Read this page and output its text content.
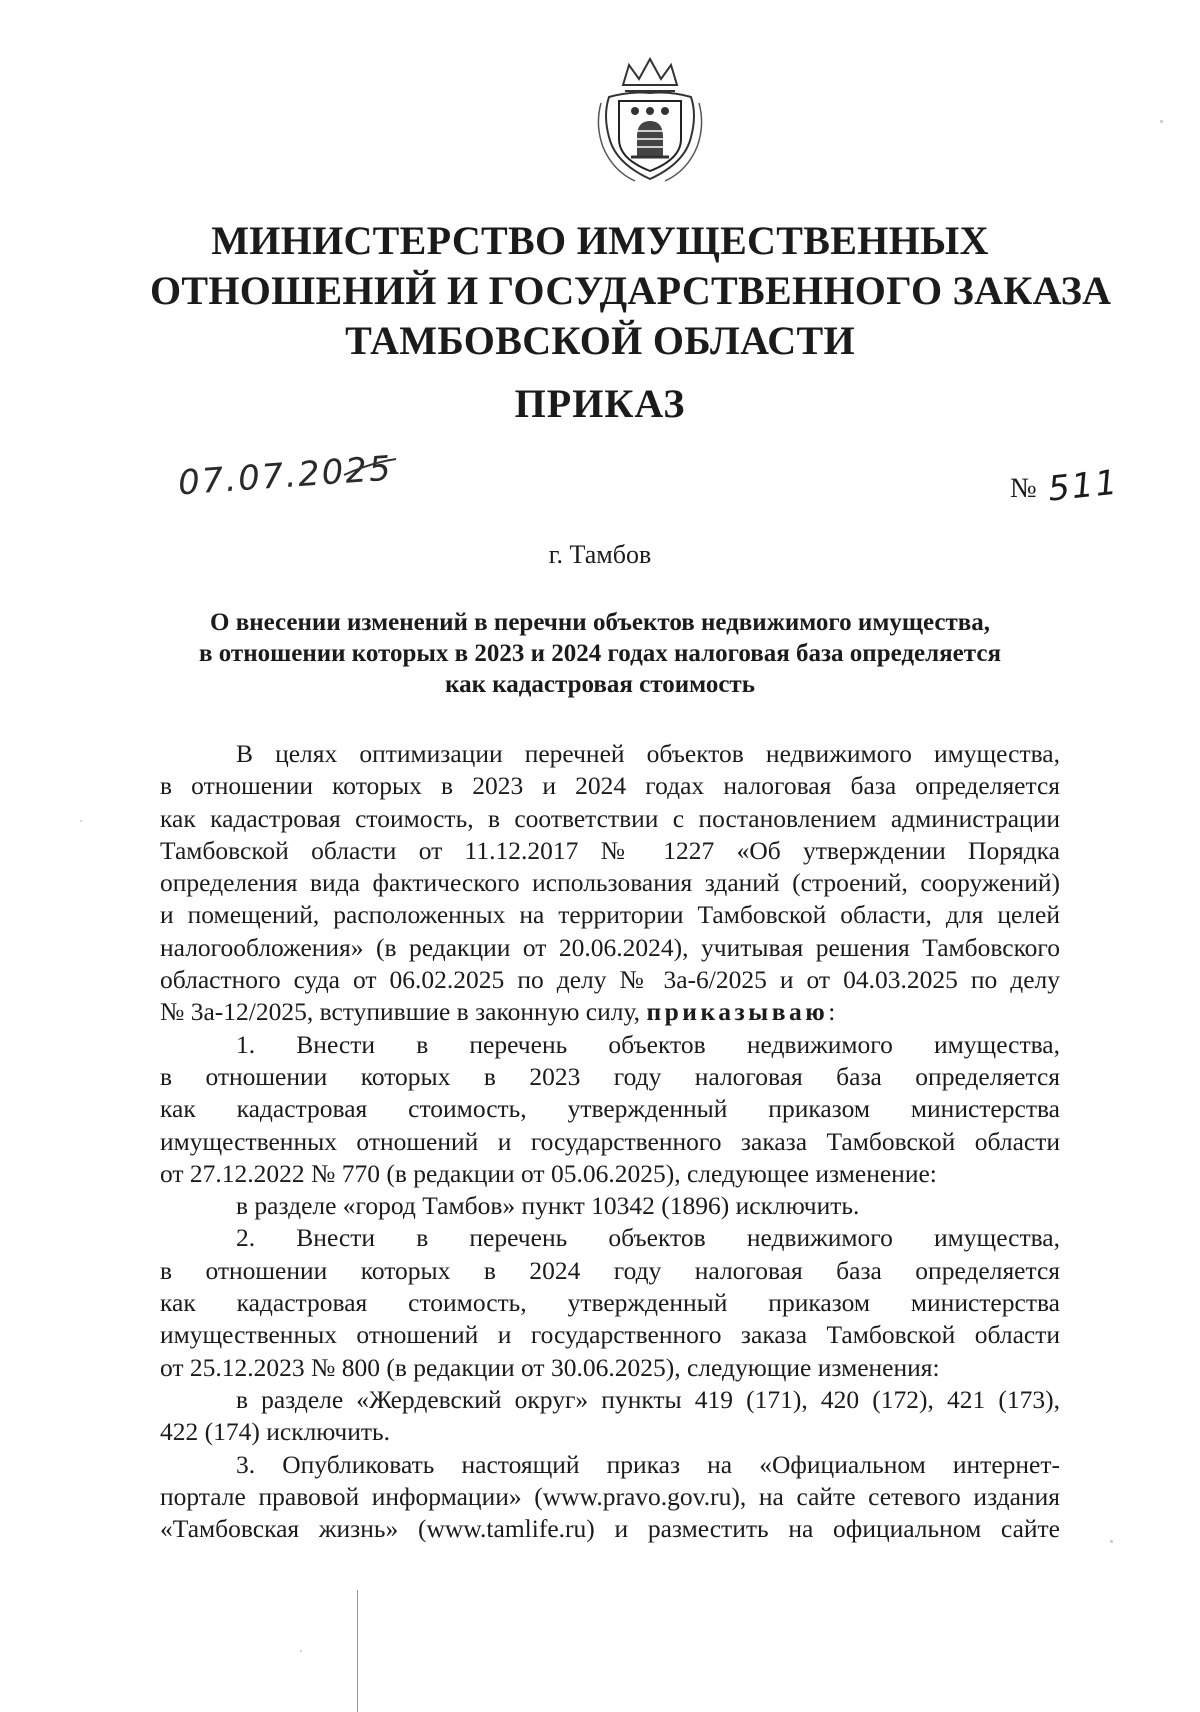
МИНИСТЕРСТВО ИМУЩЕСТВЕННЫХ
ОТНОШЕНИЙ И ГОСУДАРСТВЕННОГО ЗАКАЗА
ТАМБОВСКОЙ ОБЛАСТИ
ПРИКАЗ
07.07.2025	№ 511
г. Тамбов
О внесении изменений в перечни объектов недвижимого имущества,
в отношении которых в 2023 и 2024 годах налоговая база определяется
как кадастровая стоимость
В целях оптимизации перечней объектов недвижимого имущества,
в отношении которых в 2023 и 2024 годах налоговая база определяется
как кадастровая стоимость, в соответствии с постановлением администрации
Тамбовской области от 11.12.2017 № 1227 «Об утверждении Порядка
определения вида фактического использования зданий (строений, сооружений)
и помещений, расположенных на территории Тамбовской области, для целей
налогообложения» (в редакции от 20.06.2024), учитывая решения Тамбовского
областного суда от 06.02.2025 по делу № 3а-6/2025 и от 04.03.2025 по делу
№ 3а-12/2025, вступившие в законную силу, приказываю:
1. Внести в перечень объектов недвижимого имущества,
в отношении которых в 2023 году налоговая база определяется
как кадастровая стоимость, утвержденный приказом министерства
имущественных отношений и государственного заказа Тамбовской области
от 27.12.2022 № 770 (в редакции от 05.06.2025), следующее изменение:
в разделе «город Тамбов» пункт 10342 (1896) исключить.
2. Внести в перечень объектов недвижимого имущества,
в отношении которых в 2024 году налоговая база определяется
как кадастровая стоимость, утвержденный приказом министерства
имущественных отношений и государственного заказа Тамбовской области
от 25.12.2023 № 800 (в редакции от 30.06.2025), следующие изменения:
в разделе «Жердевский округ» пункты 419 (171), 420 (172), 421 (173),
422 (174) исключить.
3. Опубликовать настоящий приказ на «Официальном интернет-
портале правовой информации» (www.pravo.gov.ru), на сайте сетевого издания
«Тамбовская жизнь» (www.tamlife.ru) и разместить на официальном сайте
